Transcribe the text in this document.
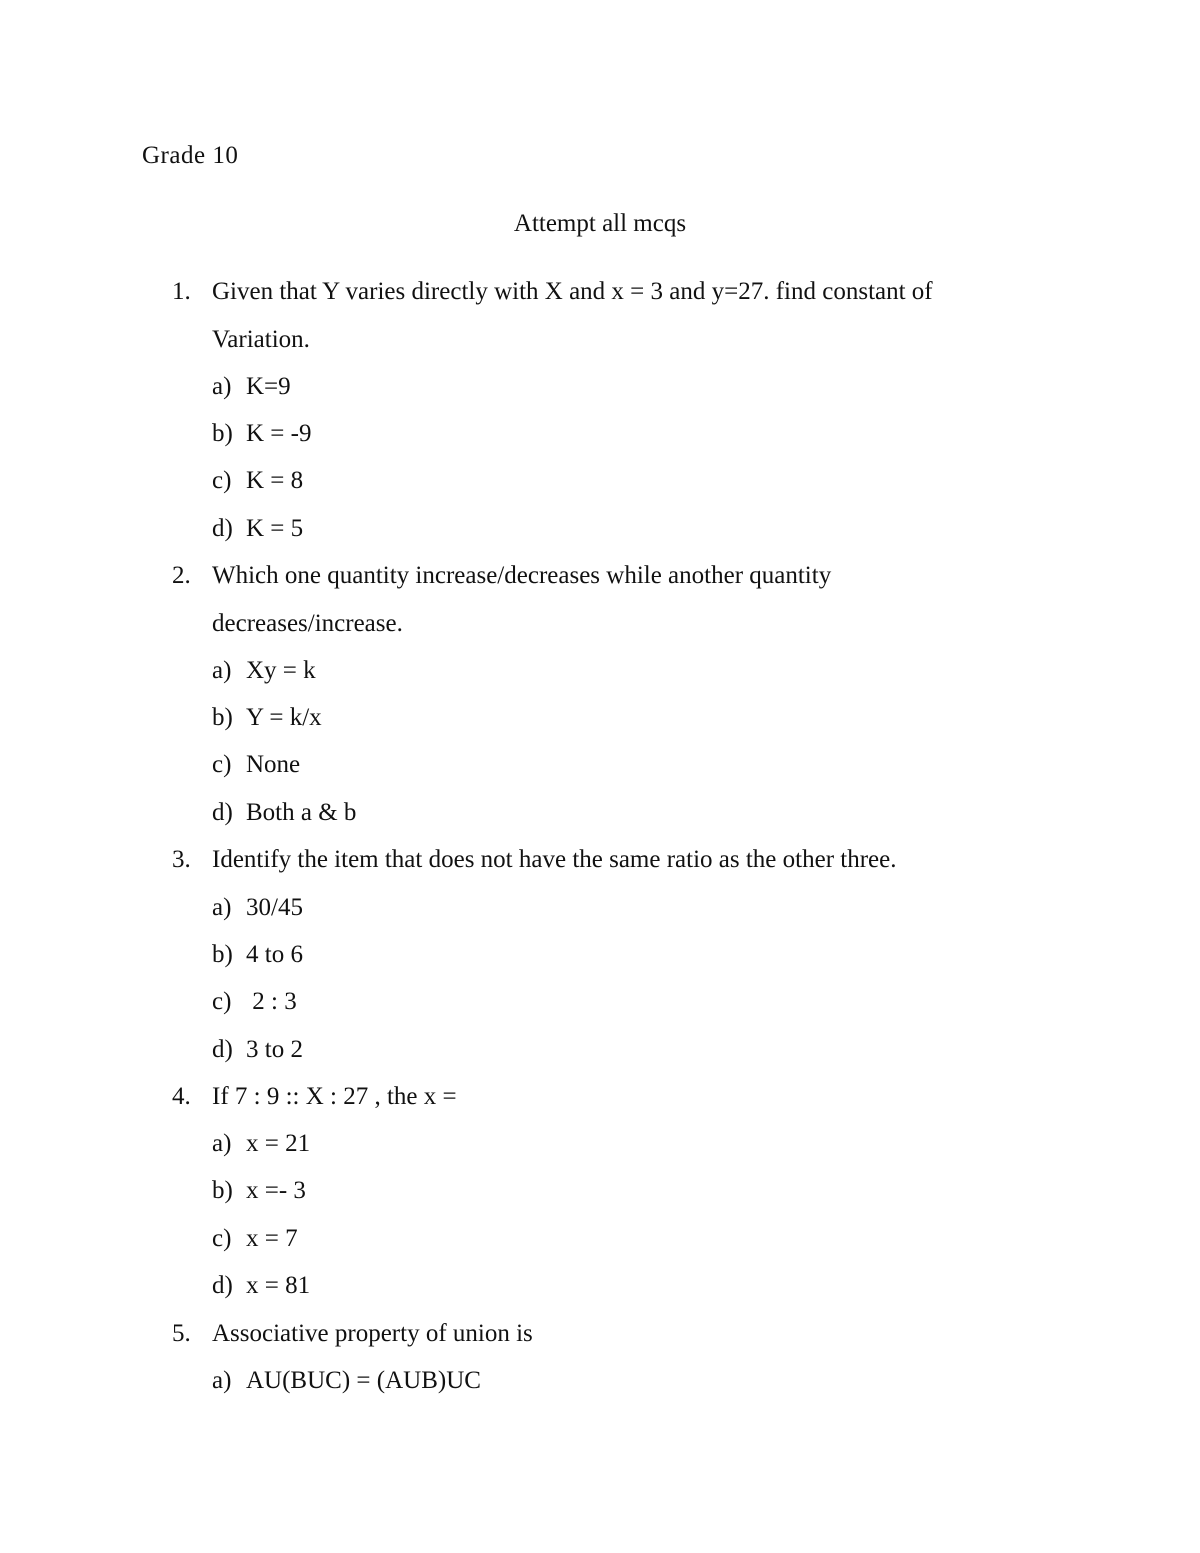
Grade 10
Attempt all mcqs
1. Given that Y varies directly with X and x = 3 and y=27. find constant of
Variation.
a) K=9
b) K = -9
c) K = 8
d) K = 5
2. Which one quantity increase/decreases while another quantity
decreases/increase.
a) Xy = k
b) Y = k/x
c) None
d) Both a & b
3. Identify the item that does not have the same ratio as the other three.
a) 30/45
b) 4 to 6
c) 2 : 3
d) 3 to 2
4. If 7 : 9 :: X : 27 , the x =
a) x = 21
b) x =- 3
c) x = 7
d) x = 81
5. Associative property of union is
a) AU(BUC) = (AUB)UC
